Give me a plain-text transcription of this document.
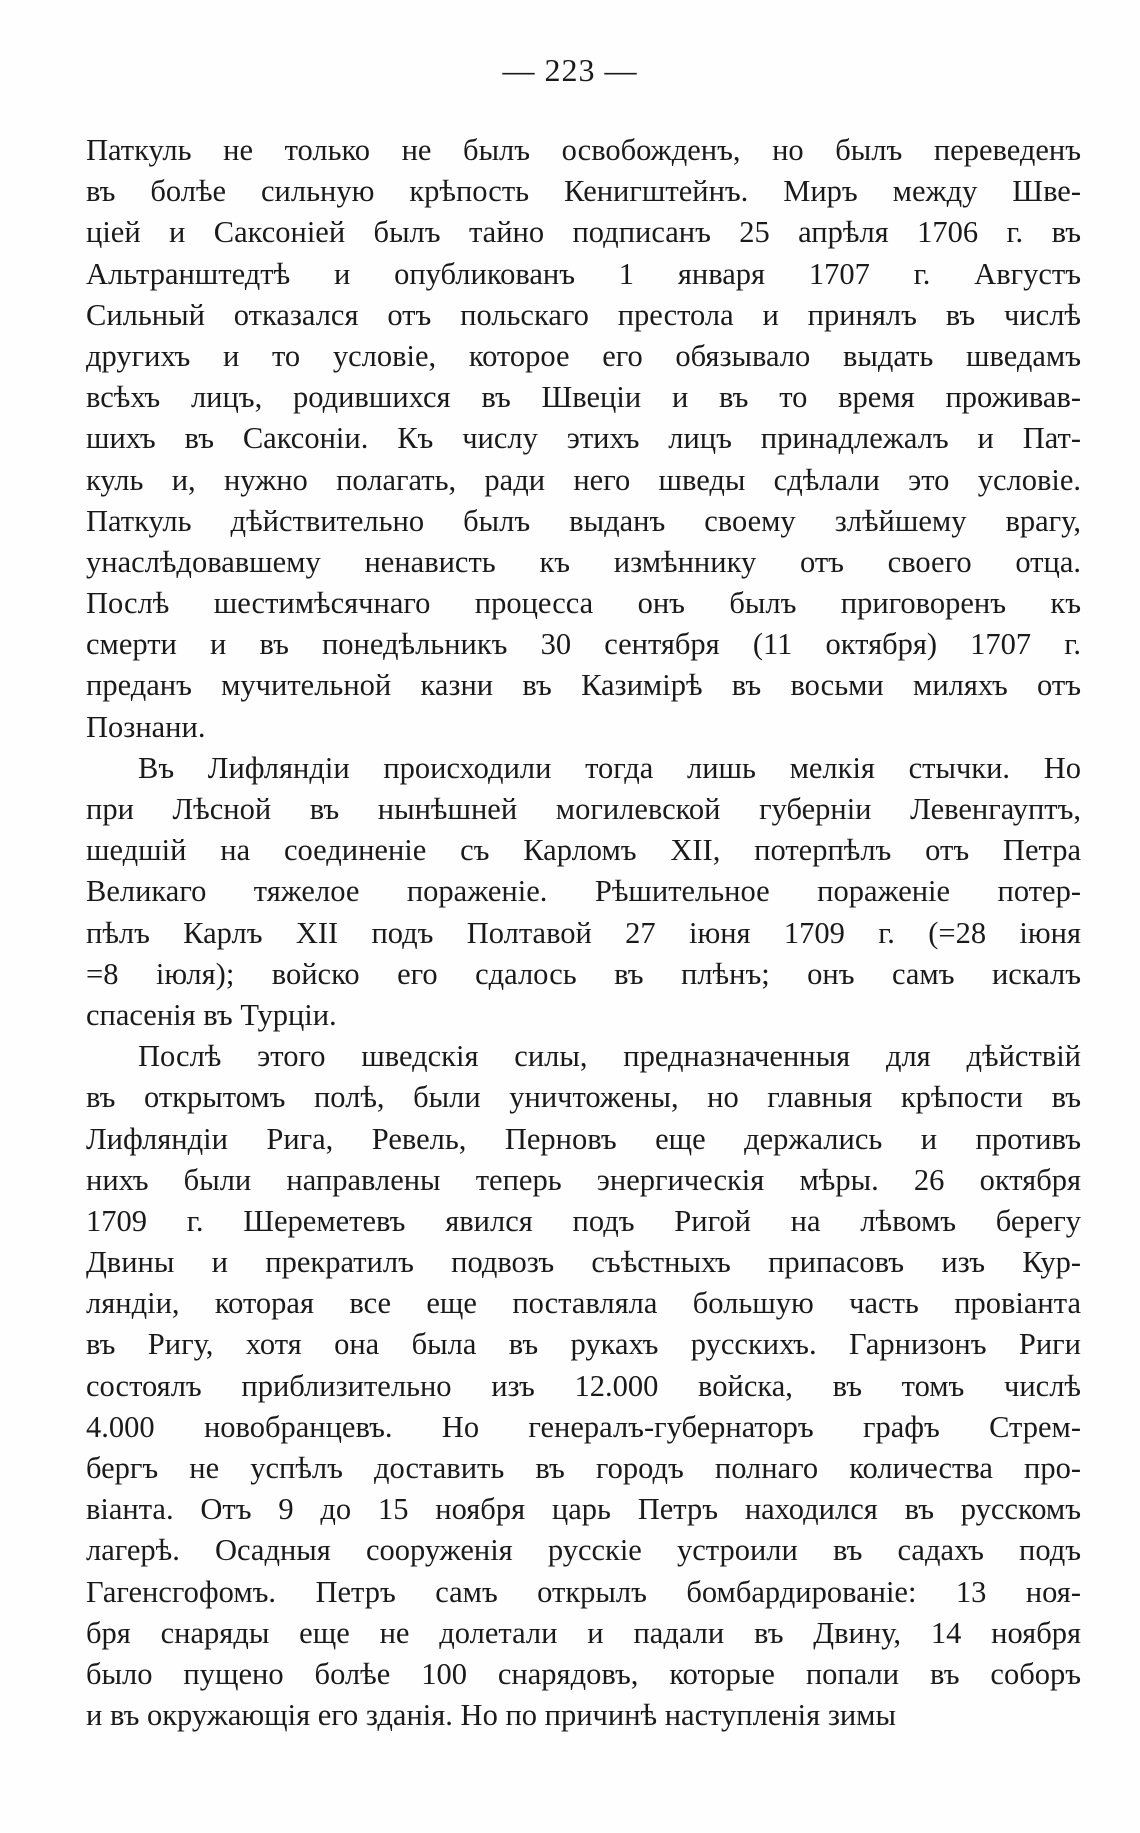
— 223 —
Паткуль не только не былъ освобожденъ, но былъ переведенъ
въ болѣе сильную крѣпость Кенигштейнъ. Миръ между Шве-
ціей и Саксоніей былъ тайно подписанъ 25 апрѣля 1706 г. въ
Альтранштедтѣ и опубликованъ 1 января 1707 г. Августъ
Сильный отказался отъ польскаго престола и принялъ въ числѣ
другихъ и то условіе, которое его обязывало выдать шведамъ
всѣхъ лицъ, родившихся въ Швеціи и въ то время проживав-
шихъ въ Саксоніи. Къ числу этихъ лицъ принадлежалъ и Пат-
куль и, нужно полагать, ради него шведы сдѣлали это условіе.
Паткуль дѣйствительно былъ выданъ своему злѣйшему врагу,
унаслѣдовавшему ненависть къ измѣннику отъ своего отца.
Послѣ шестимѣсячнаго процесса онъ былъ приговоренъ къ
смерти и въ понедѣльникъ 30 сентября (11 октября) 1707 г.
преданъ мучительной казни въ Казимірѣ въ восьми миляхъ отъ
Познани.
Въ Лифляндіи происходили тогда лишь мелкія стычки. Но
при Лѣсной въ нынѣшней могилевской губерніи Левенгауптъ,
шедшій на соединеніе съ Карломъ XII, потерпѣлъ отъ Петра
Великаго тяжелое пораженіе. Рѣшительное пораженіе потер-
пѣлъ Карлъ XII подъ Полтавой 27 іюня 1709 г. (=28 іюня
=8 іюля); войско его сдалось въ плѣнъ; онъ самъ искалъ
спасенія въ Турціи.
Послѣ этого шведскія силы, предназначенныя для дѣйствій
въ открытомъ полѣ, были уничтожены, но главныя крѣпости въ
Лифляндіи Рига, Ревель, Перновъ еще держались и противъ
нихъ были направлены теперь энергическія мѣры. 26 октября
1709 г. Шереметевъ явился подъ Ригой на лѣвомъ берегу
Двины и прекратилъ подвозъ съѣстныхъ припасовъ изъ Кур-
ляндіи, которая все еще поставляла большую часть провіанта
въ Ригу, хотя она была въ рукахъ русскихъ. Гарнизонъ Риги
состоялъ приблизительно изъ 12.000 войска, въ томъ числѣ
4.000 новобранцевъ. Но генералъ-губернаторъ графъ Стрем-
бергъ не успѣлъ доставить въ городъ полнаго количества про-
віанта. Отъ 9 до 15 ноября царь Петръ находился въ русскомъ
лагерѣ. Осадныя сооруженія русскіе устроили въ садахъ подъ
Гагенсгофомъ. Петръ самъ открылъ бомбардированіе: 13 ноя-
бря снаряды еще не долетали и падали въ Двину, 14 ноября
было пущено болѣе 100 снарядовъ, которые попали въ соборъ
и въ окружающія его зданія. Но по причинѣ наступленія зимы
